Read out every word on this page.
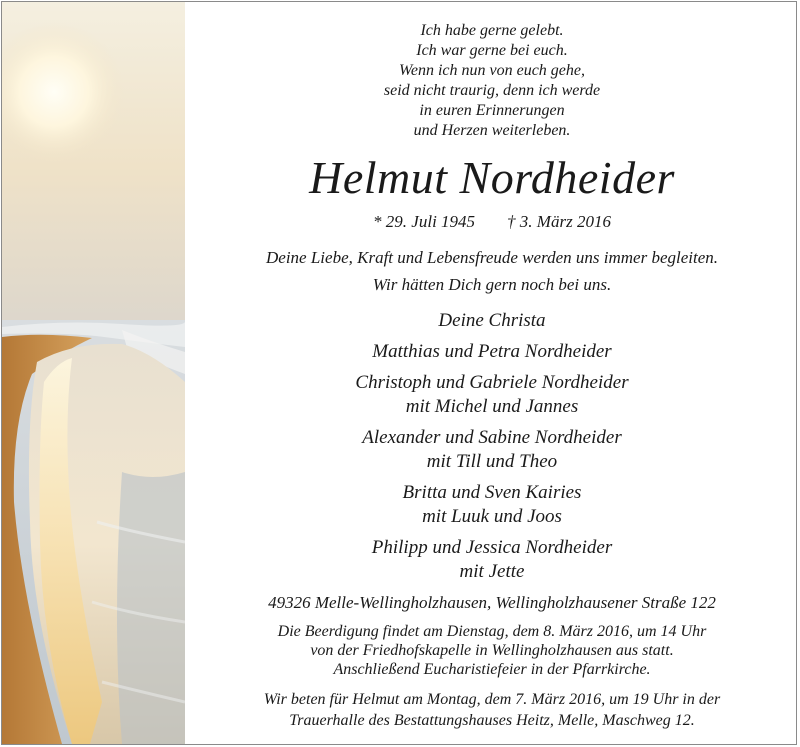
Ich habe gerne gelebt.
Ich war gerne bei euch.
Wenn ich nun von euch gehe,
seid nicht traurig, denn ich werde
in euren Erinnerungen
und Herzen weiterleben.
Helmut Nordheider
* 29. Juli 1945 † 3. März 2016
Deine Liebe, Kraft und Lebensfreude werden uns immer begleiten.
Wir hätten Dich gern noch bei uns.
Deine Christa
Matthias und Petra Nordheider
Christoph und Gabriele Nordheider
mit Michel und Jannes
Alexander und Sabine Nordheider
mit Till und Theo
Britta und Sven Kairies
mit Luuk und Joos
Philipp und Jessica Nordheider
mit Jette
49326 Melle-Wellingholzhausen, Wellingholzhausener Straße 122
Die Beerdigung findet am Dienstag, dem 8. März 2016, um 14 Uhr
von der Friedhofskapelle in Wellingholzhausen aus statt.
Anschließend Eucharistiefeier in der Pfarrkirche.
Wir beten für Helmut am Montag, dem 7. März 2016, um 19 Uhr in der
Trauerhalle des Bestattungshauses Heitz, Melle, Maschweg 12.
